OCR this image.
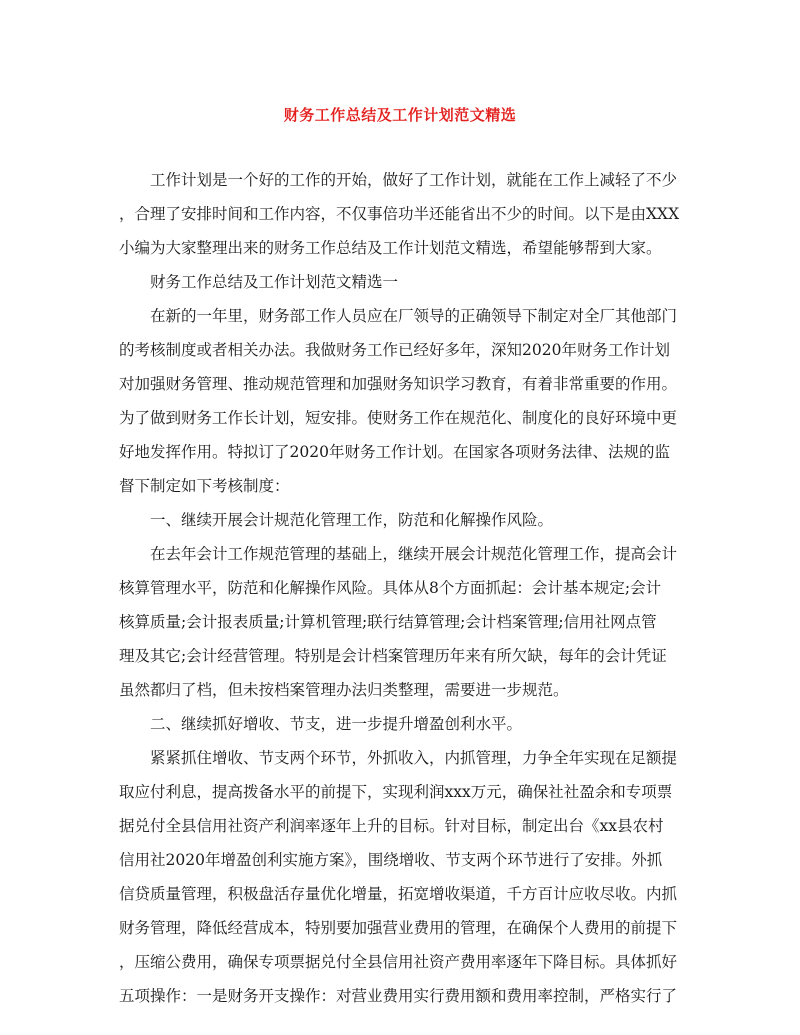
财务工作总结及工作计划范文精选
工作计划是一个好的工作的开始，做好了工作计划，就能在工作上减轻了不少
，合理了安排时间和工作内容，不仅事倍功半还能省出不少的时间。以下是由XXX
小编为大家整理出来的财务工作总结及工作计划范文精选，希望能够帮到大家。
财务工作总结及工作计划范文精选一
在新的一年里，财务部工作人员应在厂领导的正确领导下制定对全厂其他部门
的考核制度或者相关办法。我做财务工作已经好多年，深知2020年财务工作计划
对加强财务管理、推动规范管理和加强财务知识学习教育，有着非常重要的作用。
为了做到财务工作长计划，短安排。使财务工作在规范化、制度化的良好环境中更
好地发挥作用。特拟订了2020年财务工作计划。在国家各项财务法律、法规的监
督下制定如下考核制度：
一、继续开展会计规范化管理工作，防范和化解操作风险。
在去年会计工作规范管理的基础上，继续开展会计规范化管理工作，提高会计
核算管理水平，防范和化解操作风险。具体从8个方面抓起：会计基本规定;会计
核算质量;会计报表质量;计算机管理;联行结算管理;会计档案管理;信用社网点管
理及其它;会计经营管理。特别是会计档案管理历年来有所欠缺，每年的会计凭证
虽然都归了档，但未按档案管理办法归类整理，需要进一步规范。
二、继续抓好增收、节支，进一步提升增盈创利水平。
紧紧抓住增收、节支两个环节，外抓收入，内抓管理，力争全年实现在足额提
取应付利息，提高拨备水平的前提下，实现利润xxx万元，确保社社盈余和专项票
据兑付全县信用社资产利润率逐年上升的目标。针对目标，制定出台《xx县农村
信用社2020年增盈创利实施方案》，围绕增收、节支两个环节进行了安排。外抓
信贷质量管理，积极盘活存量优化增量，拓宽增收渠道，千方百计应收尽收。内抓
财务管理，降低经营成本，特别要加强营业费用的管理，在确保个人费用的前提下
，压缩公费用，确保专项票据兑付全县信用社资产费用率逐年下降目标。具体抓好
五项操作：一是财务开支操作：对营业费用实行费用额和费用率控制，严格实行了
